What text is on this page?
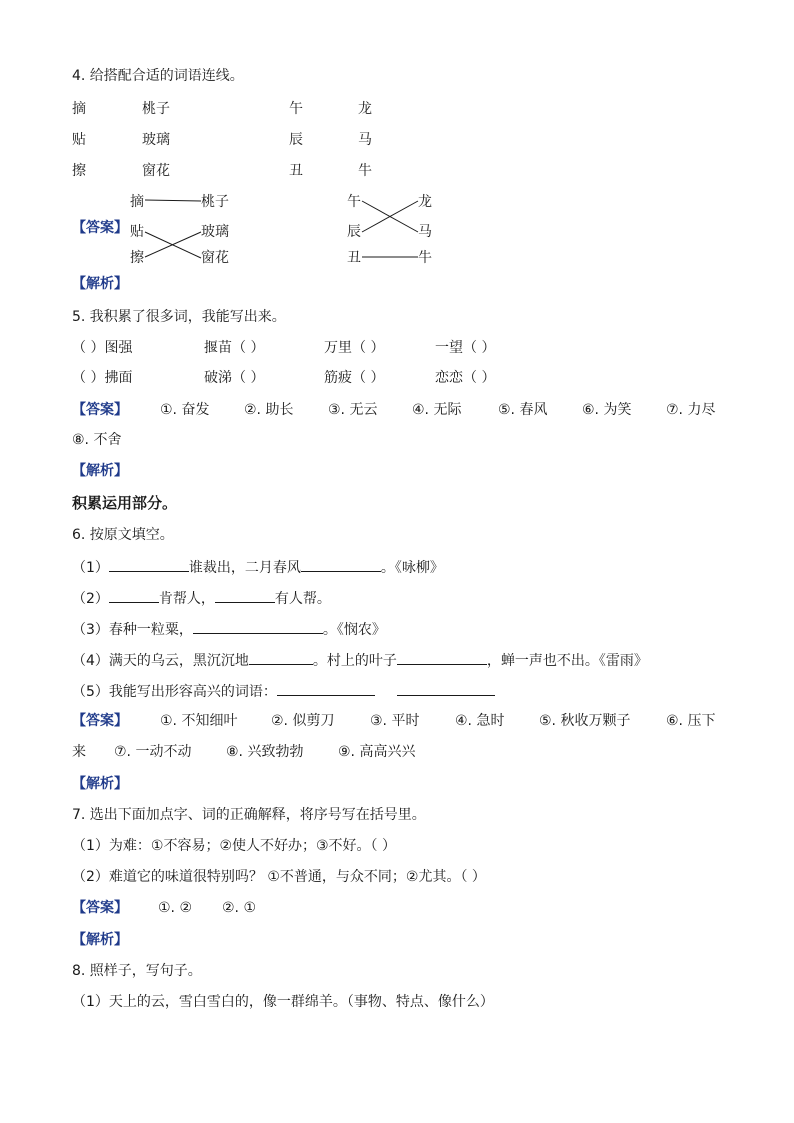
4. 给搭配合适的词语连线。
摘	桃子	午	龙
贴	玻璃	辰	马
擦	窗花	丑	牛
【答案】
摘	桃子
贴	玻璃
擦	窗花
午	龙
辰	马
丑	牛
【解析】
5. 我积累了很多词，我能写出来。
（ ）图强	揠苗（ ）	万里（ ）	一望（ ）
（ ）拂面	破涕（ ）	筋疲（ ）	恋恋（ ）
【答案】 ①. 奋发 ②. 助长 ③. 无云 ④. 无际	⑤. 春风 ⑥. 为笑 ⑦. 力尽
⑧. 不舍
【解析】
积累运用部分。
6. 按原文填空。
（1）	谁裁出，二月春风	。《咏柳》
（2）	肯帮人，	有人帮。
（3）春种一粒粟，	。《悯农》
（4）满天的乌云，黑沉沉地	。村上的叶子	，蝉一声也不出。《雷雨》
（5）我能写出形容高兴的词语：
【答案】 ①. 不知细叶 ②. 似剪刀	③. 平时	④. 急时 ⑤. 秋收万颗子	⑥. 压下
来 ⑦. 一动不动 ⑧. 兴致勃勃 ⑨. 高高兴兴
【解析】
7. 选出下面加点字、词的正确解释，将序号写在括号里。
（1）为难：①不容易；②使人不好办；③不好。（ ）
（2）难道它的味道很特别吗？ ①不普通，与众不同；②尤其。（ ）
【答案】 ①. ② ②. ①
【解析】
8. 照样子，写句子。
（1）天上的云，雪白雪白的，像一群绵羊。（事物、特点、像什么）
